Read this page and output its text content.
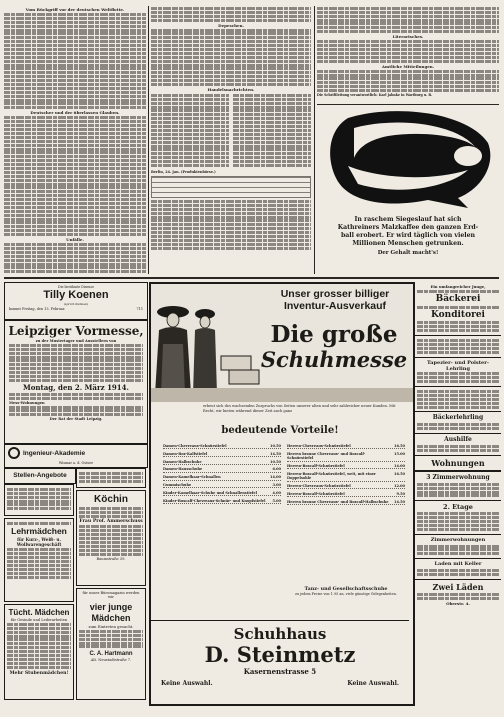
Vom Rückgriff vor der deutschen Weltflotte.
Deutscher und der überlassen Glauben.
Unfälle.
Depeschen.
Handelsnachrichten.
Berlin, 24. Jan. (Produktenbörse.)
Literarisches.
Amtliche Mitteilungen.
Die Schriftleitung verantwortlich: Karl Jahnke in Wartburg u. B.
In raschem Siegeslauf hat sich
Kathreiners Malzkaffee den ganzen Erd-
ball erobert. Er wird täglich von vielen
Millionen Menschen getrunken.
Der Gehalt macht's!
Die berühmte Diseuse
Tilly Koenen
(sprich Kuhnen)
kommt Freitag, den 13. Februar.	711
Leipziger Vormesse,
zu der Mustertager und Ausstellern von
Montag, den 2. März 1914.
Mess-Wohnungen
Der Rat der Stadt Leipzig.
Ingenieur-Akademie
Wismar a. d. Ostsee
Stellen-Angebote
Lehrmädchen
für Kurz-, Weiß- u. Wollwarengeschäft
Tücht. Mädchen
für Gesinde und Lederarbeiten
Mehr Stubenmädchen!
Köchin
Frau Prof. Ammerschuss
Baumstraße 39.
für unser Büromagazin werden wir
vier junge Mädchen
zum Eintreten gesucht.
C. A. Hartmann
Alt. Neustadtstraße 7.
Unser grosser billiger
Inventur-Ausverkauf
Die große
Schuhmesse
erbeut sich des wachsenden Zuspruchs von Seiten unserer alten und sehr zahlreicher neuer Kunden. Mit Recht, wir bieten während dieser Zeit auch ganz
bedeutende Vorteile!
Damen-Chevreaux-Schnürstiefel	10.50
Damen-Box-Kalfstiefel	14.50
Damen-Halbschuhe	10.50
Damen-Hausschuhe	6.00
Damen-Kamelhaar-Schnallen	14.00
Gummischuhe	3.00
Kinder-Kamelhaar-Schuhe und Schnallenstiefel	4.00
Kinder-Boxcalf-Chevreaux-Schnür- und Knopfstiefel 5.00
Herren-Chevreaux-Schnürstiefel	16.50
Herren braune Chevreaux- und Boxcalf-Schnürstiefel
15.00
Herren-Boxcalf-Schnürstiefel	14.00
Herren-Boxcalf-Schnürstiefel, weit, mit einer Doppelsohle
16.50
Herren-Chevreaux-Schnürstiefel	12.00
Herren-Boxcalf-Schnürstiefel	9.50
Herren braune Chevreaux- und Boxcalf-Halbschuhe 14.50
Tanz- und Gesellschaftsschuhe
zu jedem Preise von 1.95 an, viele günstige Gelegenheiten.
Schuhhaus
D. Steinmetz
Kasernenstrasse 5
Keine Auswahl.	Keine Auswahl.
Ein umfangreicher Junge,
Bäckerei
Konditorei
Tapezier- und Polster-Lehrling
Bäckerlehrling
Aushilfe
Wohnungen
3 Zimmerwohnung
2. Etage
Zimmerwohnungen
Laden mit Keller
Zwei Läden
Oberstr. 4.
